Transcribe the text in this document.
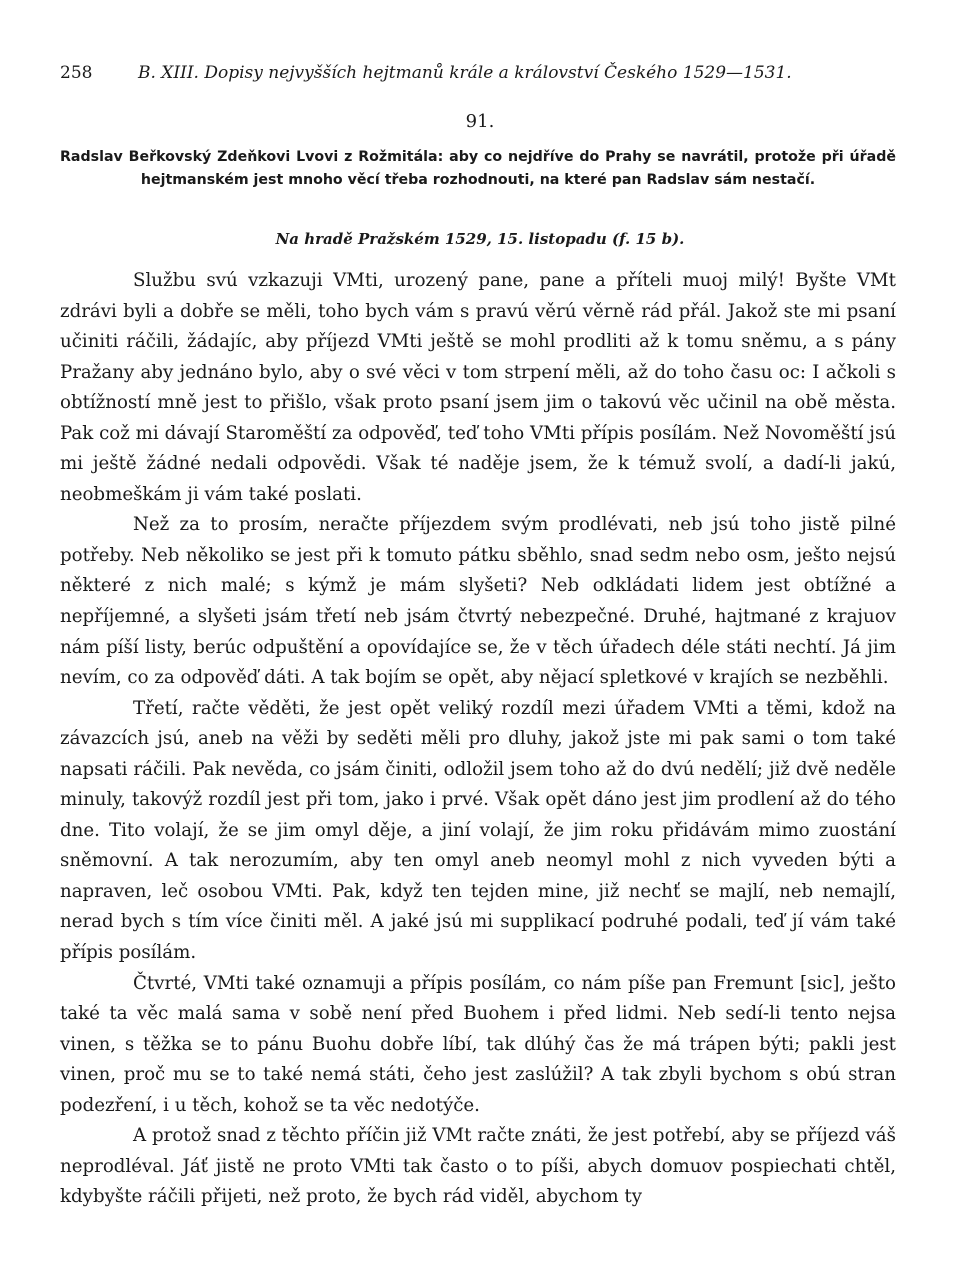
258	B. XIII. Dopisy nejvyšších hejtmanů krále a království Českého 1529—1531.
91.
Radslav Beřkovský Zdeňkovi Lvovi z Rožmitála: aby co nejdříve do Prahy se navrátil, protože při úřadě hejtmanském jest mnoho věcí třeba rozhodnouti, na které pan Radslav sám nestačí.
Na hradě Pražském 1529, 15. listopadu (f. 15 b).

Službu svú vzkazuji VMti, urozený pane, pane a příteli muoj milý! Byšte VMt zdrávi byli a dobře se měli, toho bych vám s pravú věrú věrně rád přál. Jakož ste mi psaní učiniti ráčili, žádajíc, aby příjezd VMti ještě se mohl prodliti až k tomu sněmu, a s pány Pražany aby jednáno bylo, aby o své věci v tom strpení měli, až do toho času oc: I ačkoli s obtížností mně jest to přišlo, však proto psaní jsem jim o takovú věc učinil na obě města. Pak což mi dávají Staroměští za odpověď, teď toho VMti přípis posílám. Než Novoměští jsú mi ještě žádné nedali odpovědi. Však té naděje jsem, že k témuž svolí, a dadí-li jakú, neobmeškám ji vám také poslati.

Než za to prosím, neračte příjezdem svým prodlévati, neb jsú toho jistě pilné potřeby. Neb několiko se jest při k tomuto pátku sběhlo, snad sedm nebo osm, ješto nejsú některé z nich malé; s kýmž je mám slyšeti? Neb odkládati lidem jest obtížné a nepříjemné, a slyšeti jsám třetí neb jsám čtvrtý nebezpečné. Druhé, hajtmané z krajuov nám píší listy, berúc odpuštění a opovídajíce se, že v těch úřadech déle státi nechtí. Já jim nevím, co za odpověď dáti. A tak bojím se opět, aby nějací spletkové v krajích se nezběhli.

Třetí, račte věděti, že jest opět veliký rozdíl mezi úřadem VMti a těmi, kdož na závazcích jsú, aneb na věži by seděti měli pro dluhy, jakož jste mi pak sami o tom také napsati ráčili. Pak nevěda, co jsám činiti, odložil jsem toho až do dvú nedělí; již dvě neděle minuly, takovýž rozdíl jest při tom, jako i prvé. Však opět dáno jest jim prodlení až do tého dne. Tito volají, že se jim omyl děje, a jiní volají, že jim roku přidávám mimo zuostání sněmovní. A tak nerozumím, aby ten omyl aneb neomyl mohl z nich vyveden býti a napraven, leč osobou VMti. Pak, když ten tejden mine, již nechť se majlí, neb nemajlí, nerad bych s tím více činiti měl. A jaké jsú mi supplikací podruhé podali, teď jí vám také přípis posílám.

Čtvrté, VMti také oznamuji a přípis posílám, co nám píše pan Fremunt [sic], ješto také ta věc malá sama v sobě není před Buohem i před lidmi. Neb sedí-li tento nejsa vinen, s těžka se to pánu Buohu dobře líbí, tak dlúhý čas že má trápen býti; pakli jest vinen, proč mu se to také nemá státi, čeho jest zaslúžil? A tak zbyli bychom s obú stran podezření, i u těch, kohož se ta věc nedotýče.

A protož snad z těchto příčin již VMt račte znáti, že jest potřebí, aby se příjezd váš neprodléval. Jáť jistě ne proto VMti tak často o to píši, abych domuov pospiechati chtěl, kdybyšte ráčili přijeti, než proto, že bych rád viděl, abychom ty
